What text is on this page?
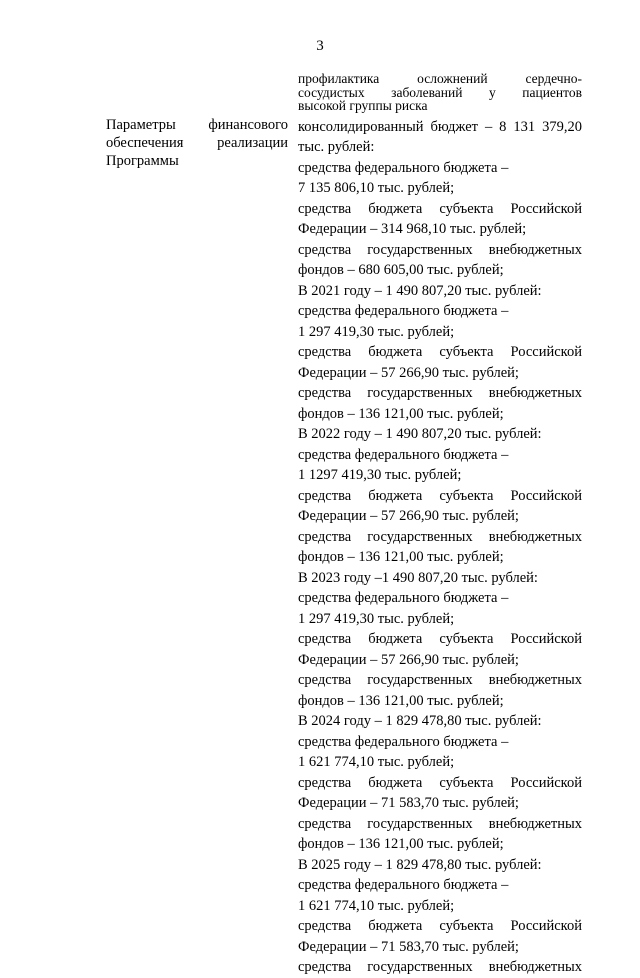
3
Параметры финансового
обеспечения реализации
Программы
профилактика осложнений сердечно-
сосудистых заболеваний у пациентов
высокой группы риска
консолидированный бюджет – 8 131 379,20
тыс. рублей:
средства федерального бюджета –
7 135 806,10 тыс. рублей;
средства бюджета субъекта Российской
Федерации – 314 968,10 тыс. рублей;
средства государственных внебюджетных
фондов – 680 605,00 тыс. рублей;
В 2021 году – 1 490 807,20 тыс. рублей:
средства федерального бюджета –
1 297 419,30 тыс. рублей;
средства бюджета субъекта Российской
Федерации – 57 266,90 тыс. рублей;
средства государственных внебюджетных
фондов – 136 121,00 тыс. рублей;
В 2022 году – 1 490 807,20 тыс. рублей:
средства федерального бюджета –
1 1297 419,30 тыс. рублей;
средства бюджета субъекта Российской
Федерации – 57 266,90 тыс. рублей;
средства государственных внебюджетных
фондов – 136 121,00 тыс. рублей;
В 2023 году –1 490 807,20 тыс. рублей:
средства федерального бюджета –
1 297 419,30 тыс. рублей;
средства бюджета субъекта Российской
Федерации – 57 266,90 тыс. рублей;
средства государственных внебюджетных
фондов – 136 121,00 тыс. рублей;
В 2024 году – 1 829 478,80 тыс. рублей:
средства федерального бюджета –
1 621 774,10 тыс. рублей;
средства бюджета субъекта Российской
Федерации – 71 583,70 тыс. рублей;
средства государственных внебюджетных
фондов – 136 121,00 тыс. рублей;
В 2025 году – 1 829 478,80 тыс. рублей:
средства федерального бюджета –
1 621 774,10 тыс. рублей;
средства бюджета субъекта Российской
Федерации – 71 583,70 тыс. рублей;
средства государственных внебюджетных
